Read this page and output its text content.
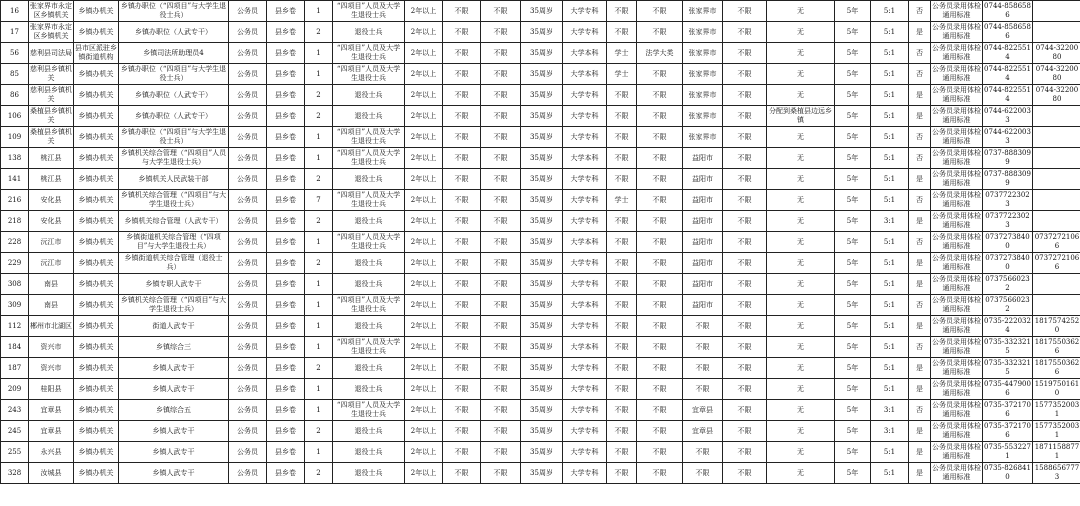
16	张家界市永定区乡镇机关	乡镇办机关	乡镇办职位（“四项目”与大学生退役士兵）	公务员	县乡卷	1	“四项目”人员及大学生退役士兵	2年以上	不限	不限	35周岁	大学专科	不限	不限	张家界市	不限	无	5年	5:1	否	公务员录用体检通用标准	0744-8586586	
17	张家界市永定区乡镇机关	乡镇办机关	乡镇办职位（人武专干）	公务员	县乡卷	2	退役士兵	2年以上	不限	不限	35周岁	大学专科	不限	不限	张家界市	不限	无	5年	5:1	是	公务员录用体检通用标准	0744-8586586	
56	慈利县司法局	县市区派驻乡镇街道机构	乡镇司法所助理员4	公务员	县乡卷	1	“四项目”人员及大学生退役士兵	2年以上	不限	不限	35周岁	大学本科	学士	法学大类	张家界市	不限	无	5年	5:1	否	公务员录用体检通用标准	0744-8225514	0744-3220080
85	慈利县乡镇机关	乡镇办机关	乡镇办职位（“四项目”与大学生退役士兵）	公务员	县乡卷	1	“四项目”人员及大学生退役士兵	2年以上	不限	不限	35周岁	大学本科	学士	不限	张家界市	不限	无	5年	5:1	否	公务员录用体检通用标准	0744-8225514	0744-3220080
86	慈利县乡镇机关	乡镇办机关	乡镇办职位（人武专干）	公务员	县乡卷	2	退役士兵	2年以上	不限	不限	35周岁	大学专科	不限	不限	张家界市	不限	无	5年	5:1	是	公务员录用体检通用标准	0744-8225514	0744-3220080
106	桑植县乡镇机关	乡镇办机关	乡镇办职位（人武专干）	公务员	县乡卷	2	退役士兵	2年以上	不限	不限	35周岁	大学专科	不限	不限	张家界市	不限	分配到桑植县边远乡镇	5年	5:1	是	公务员录用体检通用标准	0744-6220033	
109	桑植县乡镇机关	乡镇办机关	乡镇办职位（“四项目”与大学生退役士兵）	公务员	县乡卷	1	“四项目”人员及大学生退役士兵	2年以上	不限	不限	35周岁	大学专科	不限	不限	张家界市	不限	无	5年	5:1	否	公务员录用体检通用标准	0744-6220033	
138	桃江县	乡镇办机关	乡镇机关综合管理（“四项目”人员与大学生退役士兵）	公务员	县乡卷	1	“四项目”人员及大学生退役士兵	2年以上	不限	不限	35周岁	大学本科	不限	不限	益阳市	不限	无	5年	5:1	否	公务员录用体检通用标准	0737-8883099	
141	桃江县	乡镇办机关	乡镇机关人民武装干部	公务员	县乡卷	2	退役士兵	2年以上	不限	不限	35周岁	大学专科	不限	不限	益阳市	不限	无	5年	5:1	是	公务员录用体检通用标准	0737-8883099	
216	安化县	乡镇办机关	乡镇机关综合管理（“四项目”与大学生退役士兵）	公务员	县乡卷	7	“四项目”人员及大学生退役士兵	2年以上	不限	不限	35周岁	大学专科	学士	不限	益阳市	不限	无	5年	5:1	否	公务员录用体检通用标准	07377223023	
218	安化县	乡镇办机关	乡镇机关综合管理（人武专干）	公务员	县乡卷	2	退役士兵	2年以上	不限	不限	35周岁	大学专科	不限	不限	益阳市	不限	无	5年	3:1	是	公务员录用体检通用标准	07377223023	
228	沅江市	乡镇办机关	乡镇街道机关综合管理（“四项目”与大学生退役士兵）	公务员	县乡卷	1	“四项目”人员及大学生退役士兵	2年以上	不限	不限	35周岁	大学本科	不限	不限	益阳市	不限	无	5年	5:1	否	公务员录用体检通用标准	07372738400	07372721066
229	沅江市	乡镇办机关	乡镇街道机关综合管理（退役士兵）	公务员	县乡卷	2	退役士兵	2年以上	不限	不限	35周岁	大学专科	不限	不限	益阳市	不限	无	5年	5:1	是	公务员录用体检通用标准	07372738400	07372721066
308	南县	乡镇办机关	乡镇专职人武专干	公务员	县乡卷	1	退役士兵	2年以上	不限	不限	35周岁	大学专科	不限	不限	益阳市	不限	无	5年	5:1	是	公务员录用体检通用标准	07375660232	
309	南县	乡镇办机关	乡镇机关综合管理（“四项目”与大学生退役士兵）	公务员	县乡卷	1	“四项目”人员及大学生退役士兵	2年以上	不限	不限	35周岁	大学本科	不限	不限	益阳市	不限	无	5年	5:1	否	公务员录用体检通用标准	07375660232	
112	郴州市北湖区	乡镇办机关	街道人武专干	公务员	县乡卷	1	退役士兵	2年以上	不限	不限	35周岁	大学专科	不限	不限	不限	不限	无	5年	5:1	是	公务员录用体检通用标准	0735-2220324	18175742520
184	资兴市	乡镇办机关	乡镇综合三	公务员	县乡卷	1	“四项目”人员及大学生退役士兵	2年以上	不限	不限	35周岁	大学本科	不限	不限	不限	不限	无	5年	5:1	否	公务员录用体检通用标准	0735-3323215	18175503626
187	资兴市	乡镇办机关	乡镇人武专干	公务员	县乡卷	2	退役士兵	2年以上	不限	不限	35周岁	大学专科	不限	不限	不限	不限	无	5年	5:1	是	公务员录用体检通用标准	0735-3323215	18175503626
209	桂阳县	乡镇办机关	乡镇人武专干	公务员	县乡卷	1	退役士兵	2年以上	不限	不限	35周岁	大学专科	不限	不限	不限	不限	无	5年	5:1	是	公务员录用体检通用标准	0735-4479006	15197501610
243	宜章县	乡镇办机关	乡镇综合五	公务员	县乡卷	1	“四项目”人员及大学生退役士兵	2年以上	不限	不限	35周岁	大学专科	不限	不限	宜章县	不限	无	5年	3:1	否	公务员录用体检通用标准	0735-3721706	15773520031
245	宜章县	乡镇办机关	乡镇人武专干	公务员	县乡卷	2	退役士兵	2年以上	不限	不限	35周岁	大学专科	不限	不限	宜章县	不限	无	5年	3:1	是	公务员录用体检通用标准	0735-3721706	15773520031
255	永兴县	乡镇办机关	乡镇人武专干	公务员	县乡卷	1	退役士兵	2年以上	不限	不限	35周岁	大学专科	不限	不限	不限	不限	无	5年	5:1	是	公务员录用体检通用标准	0735-5532271	18711588771
328	汝城县	乡镇办机关	乡镇人武专干	公务员	县乡卷	2	退役士兵	2年以上	不限	不限	35周岁	大学专科	不限	不限	不限	不限	无	5年	5:1	是	公务员录用体检通用标准	0735-8268410	15886567773
